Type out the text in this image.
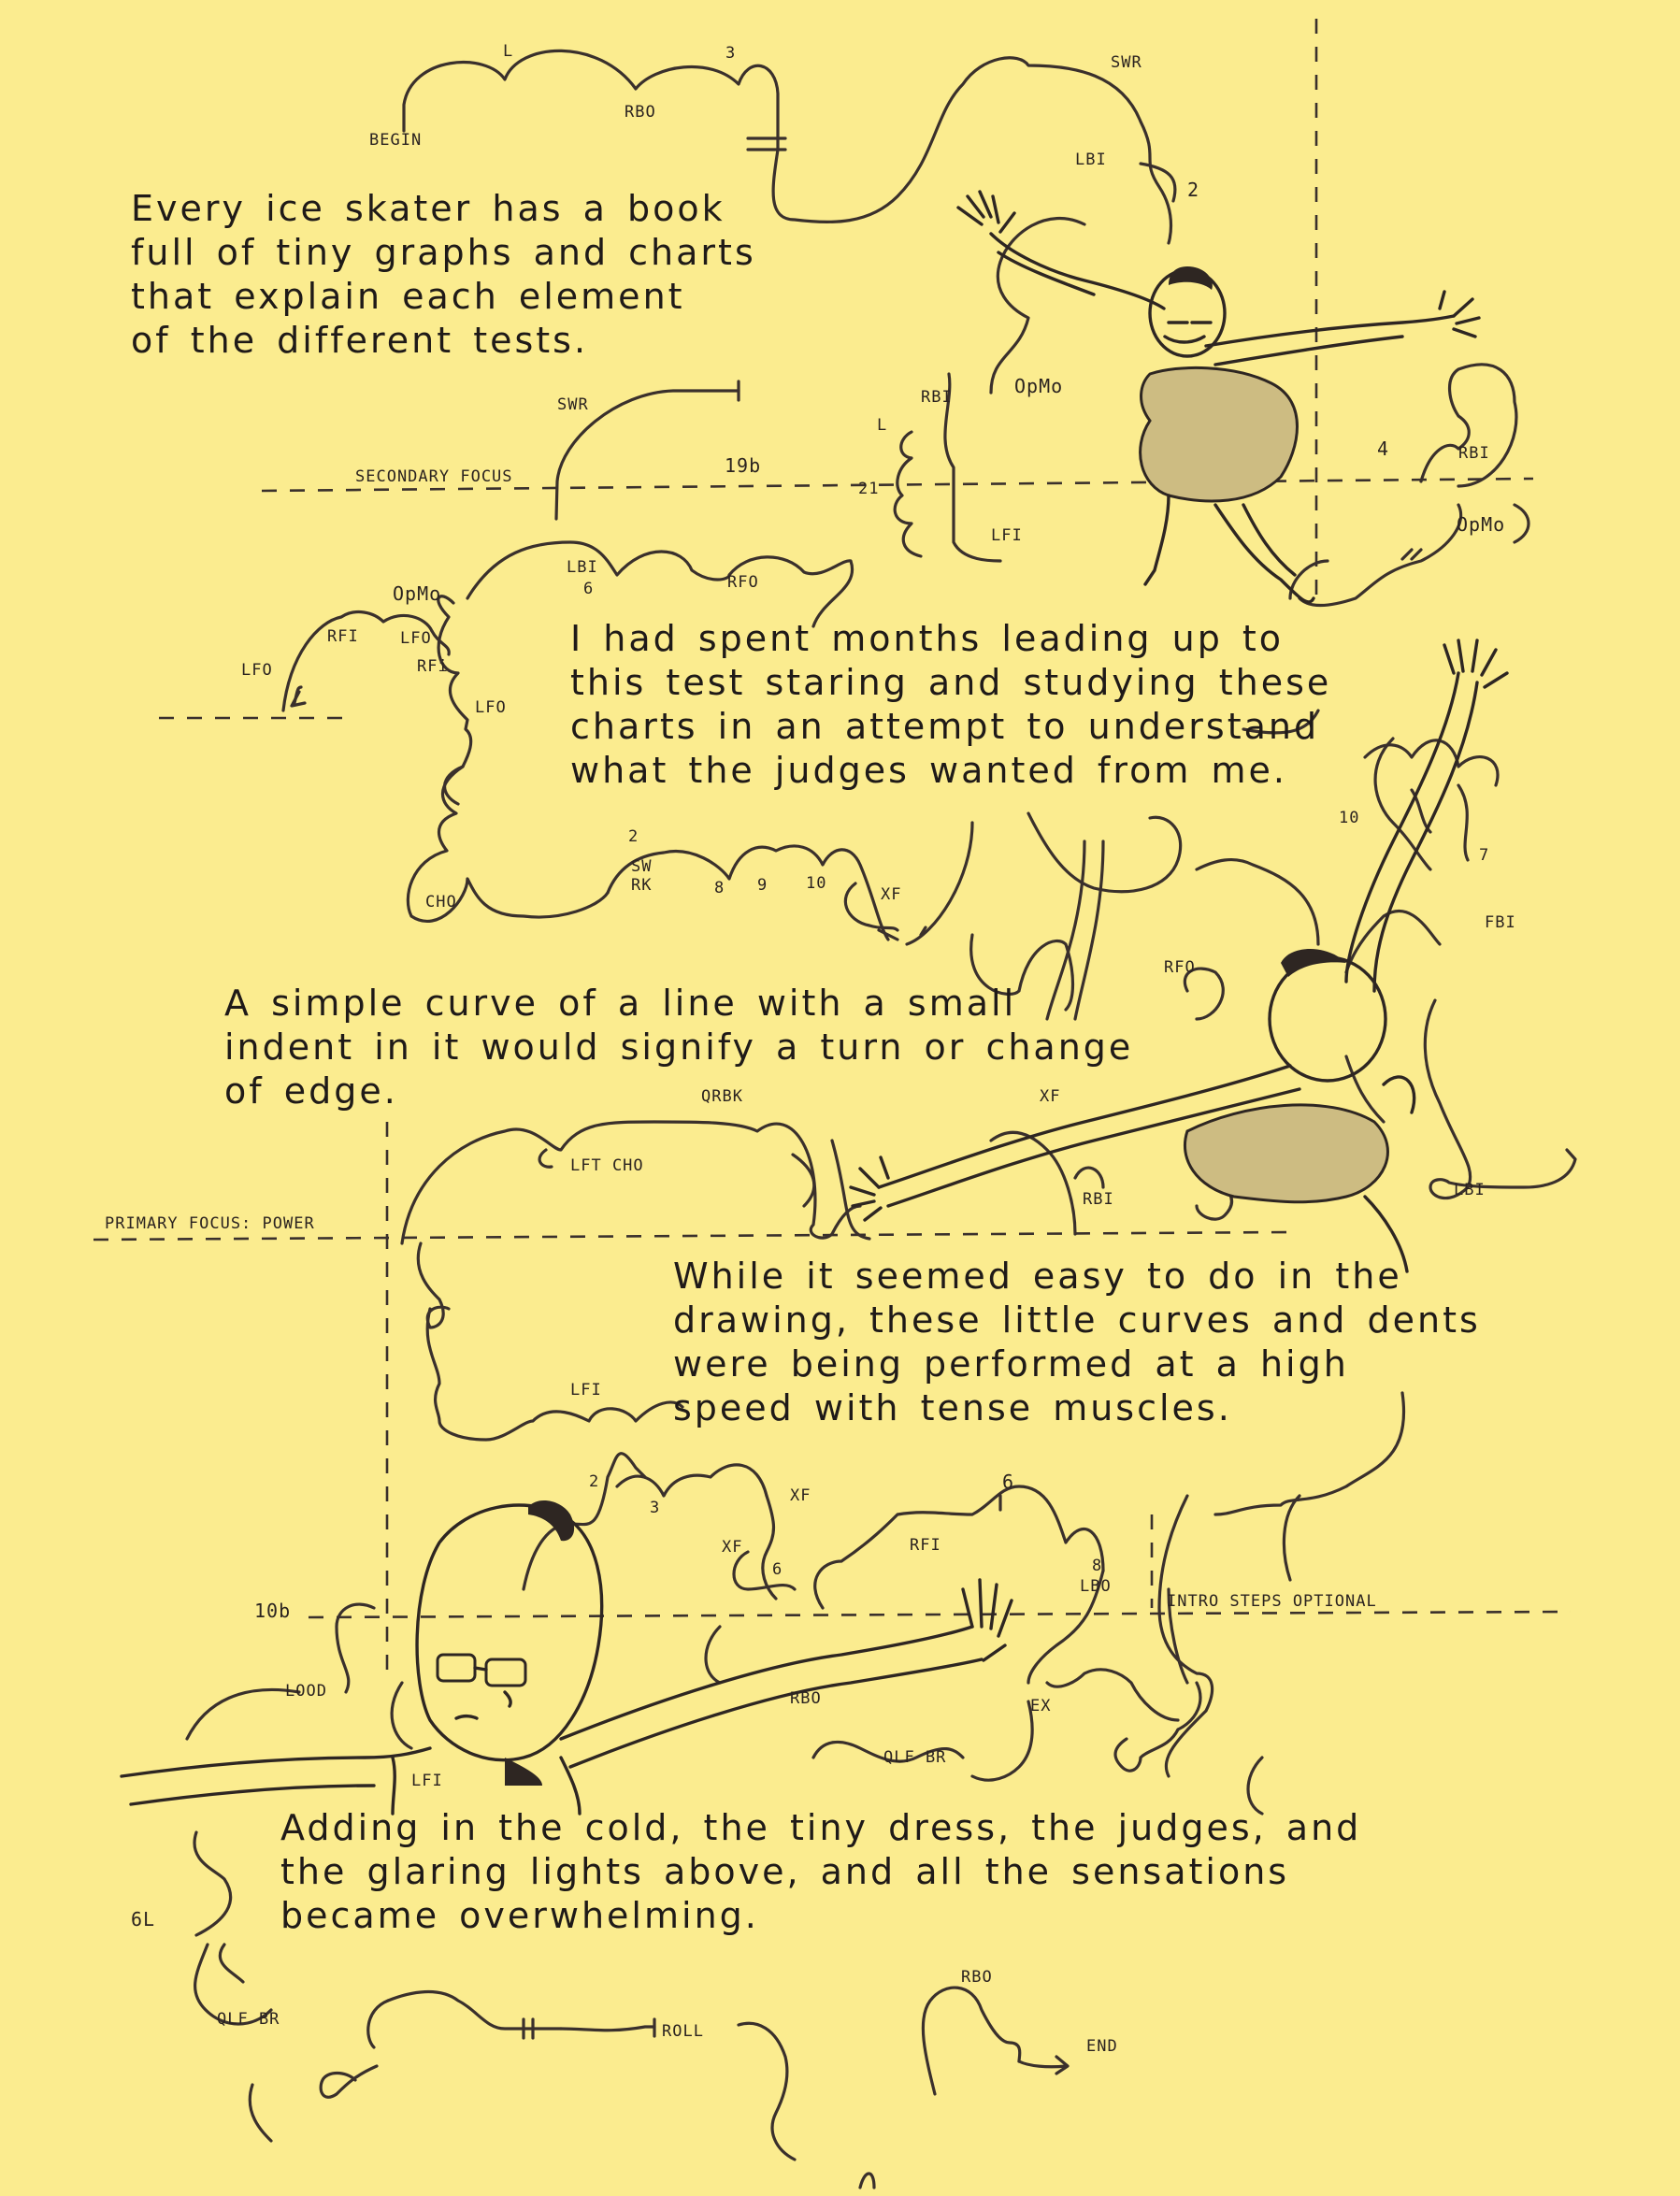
BEGIN
L	3
RBO
SWR
LBI
2
SWR
SECONDARY FOCUS	19b
21
RBI	OpMo
L
4	RBI
OpMo
LFI
LBI
6	RFO
OpMo
RFI	LFO
RFi
LFO
LFO
CHO
2
SW
RK	8 9 10
XF
10
7
FBI
RFO
QRBK
LFT CHO
XF
RBI	LBI
PRIMARY FOCUS: POWER
LFI
2
3
XF
XF
6
RFI
6
8
LBO
INTRO STEPS OPTIONAL
10b
LOOD	RBO	EX
QLF BR
LFI
6L
QLF BR
ROLL
RBO
END
Every ice skater has a book
full of tiny graphs and charts
that explain each element
of the different tests.
I had spent months leading up to
this test staring and studying these
charts in an attempt to understand
what the judges wanted from me.
A simple curve of a line with a small
indent in it would signify a turn or change
of edge.
While it seemed easy to do in the
drawing, these little curves and dents
were being performed at a high
speed with tense muscles.
Adding in the cold, the tiny dress, the judges, and
the glaring lights above, and all the sensations
became overwhelming.
